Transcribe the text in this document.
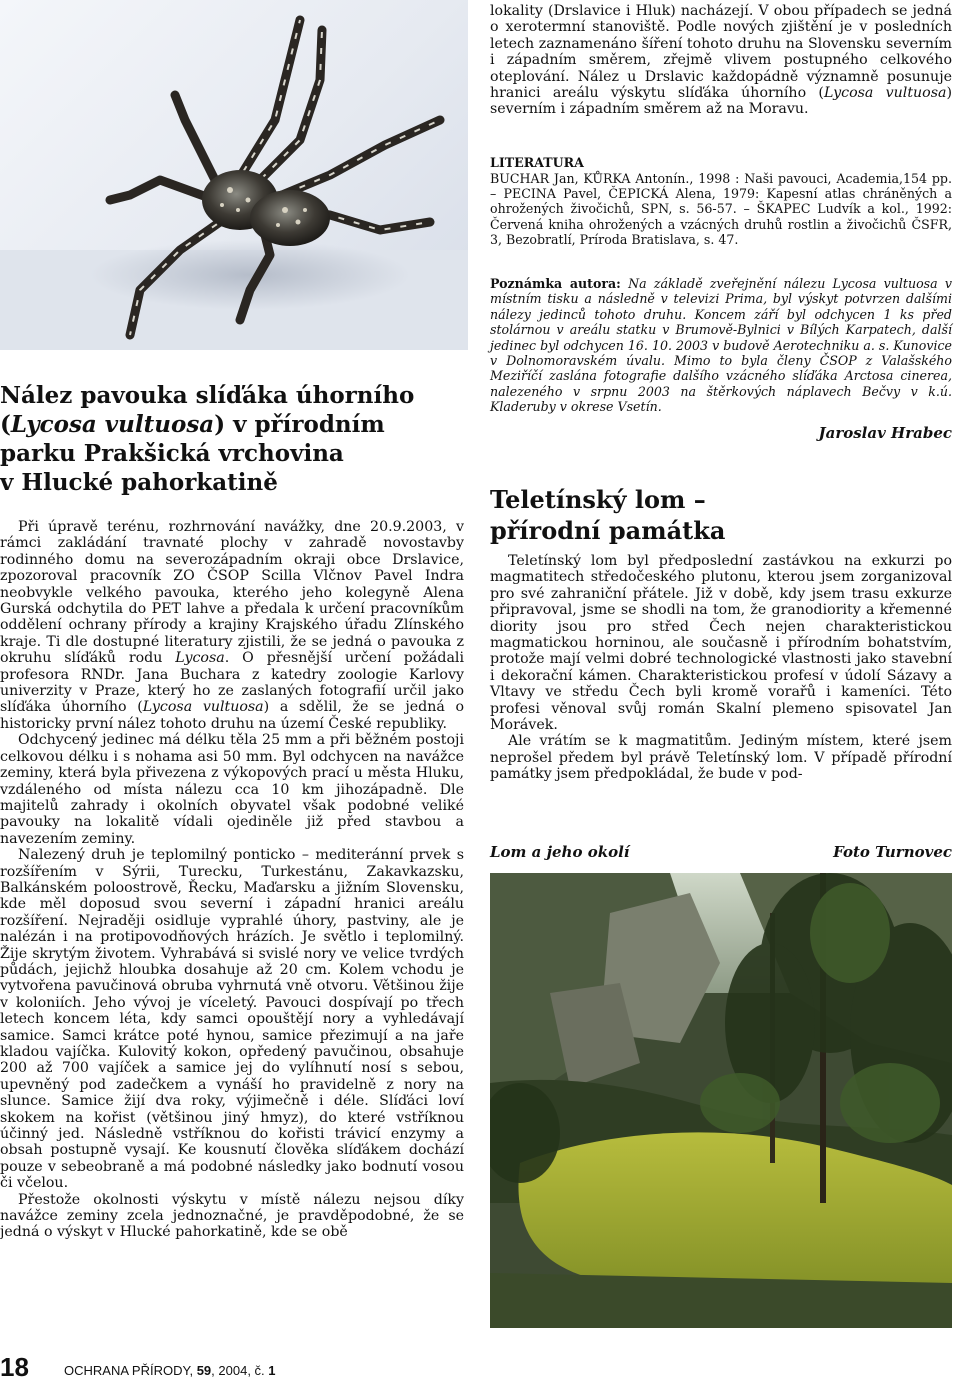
Nález pavouka slíďáka úhorního
(Lycosa vultuosa) v přírodním
parku Prakšická vrchovina
v Hlucké pahorkatině

Při úpravě terénu, rozhrnování navážky, dne 20.9.2003, v rámci zakládání travnaté plochy v zahradě novostavby rodinného domu na severozápadním okraji obce Drslavice, zpozoroval pracovník ZO ČSOP Scilla Vlčnov Pavel Indra neobvykle velkého pavouka, kterého jeho kolegyně Alena Gurská odchytila do PET lahve a předala k určení pracovníkům oddělení ochrany přírody a krajiny Krajského úřadu Zlínského kraje. Ti dle dostupné literatury zjistili, že se jedná o pavouka z okruhu slíďáků rodu Lycosa. O přesnější určení požádali profesora RNDr. Jana Buchara z katedry zoologie Karlovy univerzity v Praze, který ho ze zaslaných fotografií určil jako slíďáka úhorního (Lycosa vultuosa) a sdělil, že se jedná o historicky první nález tohoto druhu na území České republiky.

Odchycený jedinec má délku těla 25 mm a při běžném postoji celkovou délku i s nohama asi 50 mm. Byl odchycen na navážce zeminy, která byla přivezena z výkopových prací u města Hluku, vzdáleného od místa nálezu cca 10 km jihozápadně. Dle majitelů zahrady i okolních obyvatel však podobné veliké pavouky na lokalitě vídali ojediněle již před stavbou a navezením zeminy.

Nalezený druh je teplomilný ponticko – mediteránní prvek s rozšířením v Sýrii, Turecku, Turkestánu, Zakavkazsku, Balkánském poloostrově, Řecku, Maďarsku a jižním Slovensku, kde měl doposud svou severní i západní hranici areálu rozšíření. Nejraději osidluje vyprahlé úhory, pastviny, ale je nalézán i na protipovodňových hrázích. Je světlo i teplomilný. Žije skrytým životem. Vyhrabává si svislé nory ve velice tvrdých půdách, jejichž hloubka dosahuje až 20 cm. Kolem vchodu je vytvořena pavučinová obruba vyhrnutá vně otvoru. Většinou žije v koloniích. Jeho vývoj je víceletý. Pavouci dospívají po třech letech koncem léta, kdy samci opouštějí nory a vyhledávají samice. Samci krátce poté hynou, samice přezimují a na jaře kladou vajíčka. Kulovitý kokon, opředený pavučinou, obsahuje 200 až 700 vajíček a samice jej do vylíhnutí nosí s sebou, upevněný pod zadečkem a vynáší ho pravidelně z nory na slunce. Samice žijí dva roky, výjimečně i déle. Slíďáci loví skokem na kořist (většinou jiný hmyz), do které vstříknou účinný jed. Následně vstříknou do kořisti trávicí enzymy a obsah postupně vysají. Ke kousnutí člověka slíďákem dochází pouze v sebeobraně a má podobné následky jako bodnutí vosou či včelou.

Přestože okolnosti výskytu v místě nálezu nejsou díky navážce zeminy zcela jednoznačné, je pravděpodobné, že se jedná o výskyt v Hlucké pahorkatině, kde se obě

lokality (Drslavice i Hluk) nacházejí. V obou případech se jedná o xerotermní stanoviště. Podle nových zjištění je v posledních letech zaznamenáno šíření tohoto druhu na Slovensku severním i západním směrem, zřejmě vlivem postupného celkového oteplování. Nález u Drslavic každopádně významně posunuje hranici areálu výskytu slíďáka úhorního (Lycosa vultuosa) severním i západním směrem až na Moravu.

LITERATURA

BUCHAR Jan, KŮRKA Antonín., 1998 : Naši pavouci, Academia,154 pp. – PECINA Pavel, ČEPICKÁ Alena, 1979: Kapesní atlas chráněných a ohrožených živočichů, SPN, s. 56-57. – ŠKAPEC Ludvík a kol., 1992: Červená kniha ohrožených a vzácných druhů rostlin a živočichů ČSFR, 3, Bezobratlí, Príroda Bratislava, s. 47.

Poznámka autora: Na základě zveřejnění nálezu Lycosa vultuosa v místním tisku a následně v televizi Prima, byl výskyt potvrzen dalšími nálezy jedinců tohoto druhu. Koncem září byl odchycen 1 ks před stolárnou v areálu statku v Brumově-Bylnici v Bílých Karpatech, další jedinec byl odchycen 16. 10. 2003 v budově Aerotechniku a. s. Kunovice v Dolnomoravském úvalu. Mimo to byla členy ČSOP z Valašského Meziříčí zaslána fotografie dalšího vzácného slíďáka Arctosa cinerea, nalezeného v srpnu 2003 na štěrkových náplavech Bečvy v k.ú. Kladeruby v okrese Vsetín.
Jaroslav Hrabec
Teletínský lom –
přírodní památka

Teletínský lom byl předposlední zastávkou na exkurzi po magmatitech středočeského plutonu, kterou jsem zorganizoval pro své zahraniční přátele. Již v době, kdy jsem trasu exkurze připravoval, jsme se shodli na tom, že granodiority a křemenné diority jsou pro střed Čech nejen charakteristickou magmatickou horninou, ale současně i přírodním bohatstvím, protože mají velmi dobré technologické vlastnosti jako stavební i dekorační kámen. Charakteristickou profesí v údolí Sázavy a Vltavy ve středu Čech byli kromě vorařů i kameníci. Této profesi věnoval svůj román Skalní plemeno spisovatel Jan Morávek.

Ale vrátím se k magmatitům. Jediným místem, které jsem neprošel předem byl právě Teletínský lom. V případě přírodní památky jsem předpokládal, že bude v pod-

Lom a jeho okolí	Foto Turnovec
18	OCHRANA PŘÍRODY, 59, 2004, č. 1
